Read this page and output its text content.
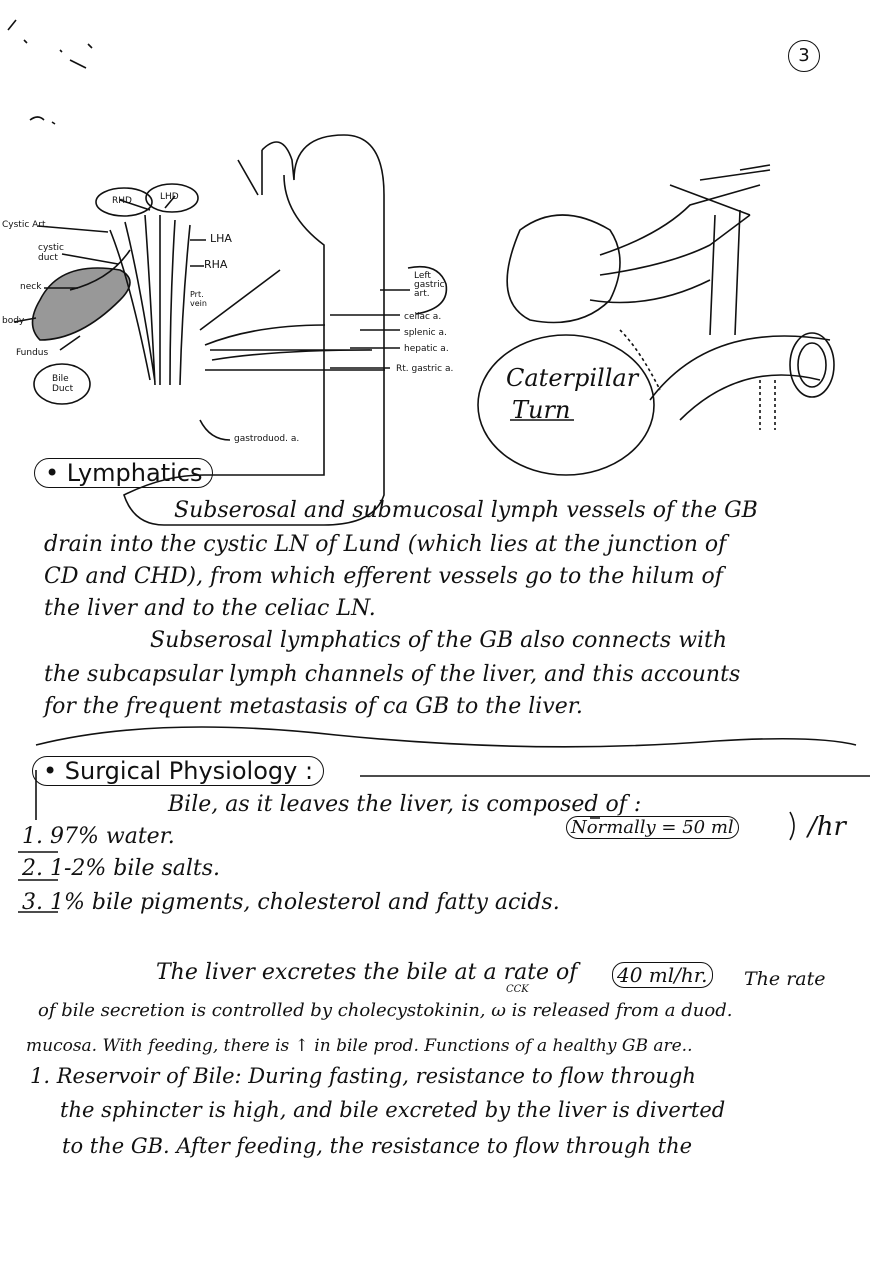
3
RHD	LHD
Cystic Art.
cystic duct
neck
body
Fundus
Bile Duct
LHA
RHA
Prt. vein
Left gastric art.
celiac a.
splenic a.
hepatic a.
Rt. gastric a.
gastroduod. a.
Caterpillar
Turn
• Lymphatics
Subserosal and submucosal lymph vessels of the GB
drain into the cystic LN of Lund (which lies at the junction of
CD and CHD), from which efferent vessels go to the hilum of
the liver and to the celiac LN.
Subserosal lymphatics of the GB also connects with
the subcapsular lymph channels of the liver, and this accounts
for the frequent metastasis of ca GB to the liver.
• Surgical Physiology :
Bile, as it leaves the liver, is composed of :
Normally = 50 ml	/hr
1. 97% water.
2. 1-2% bile salts.
3. 1% bile pigments, cholesterol and fatty acids.
The liver excretes the bile at a rate of 40 ml/hr. The rate
CCK
of bile secretion is controlled by cholecystokinin, ω is released from a duod.
mucosa. With feeding, there is ↑ in bile prod. Functions of a healthy GB are..
1. Reservoir of Bile: During fasting, resistance to flow through
the sphincter is high, and bile excreted by the liver is diverted
to the GB. After feeding, the resistance to flow through the
